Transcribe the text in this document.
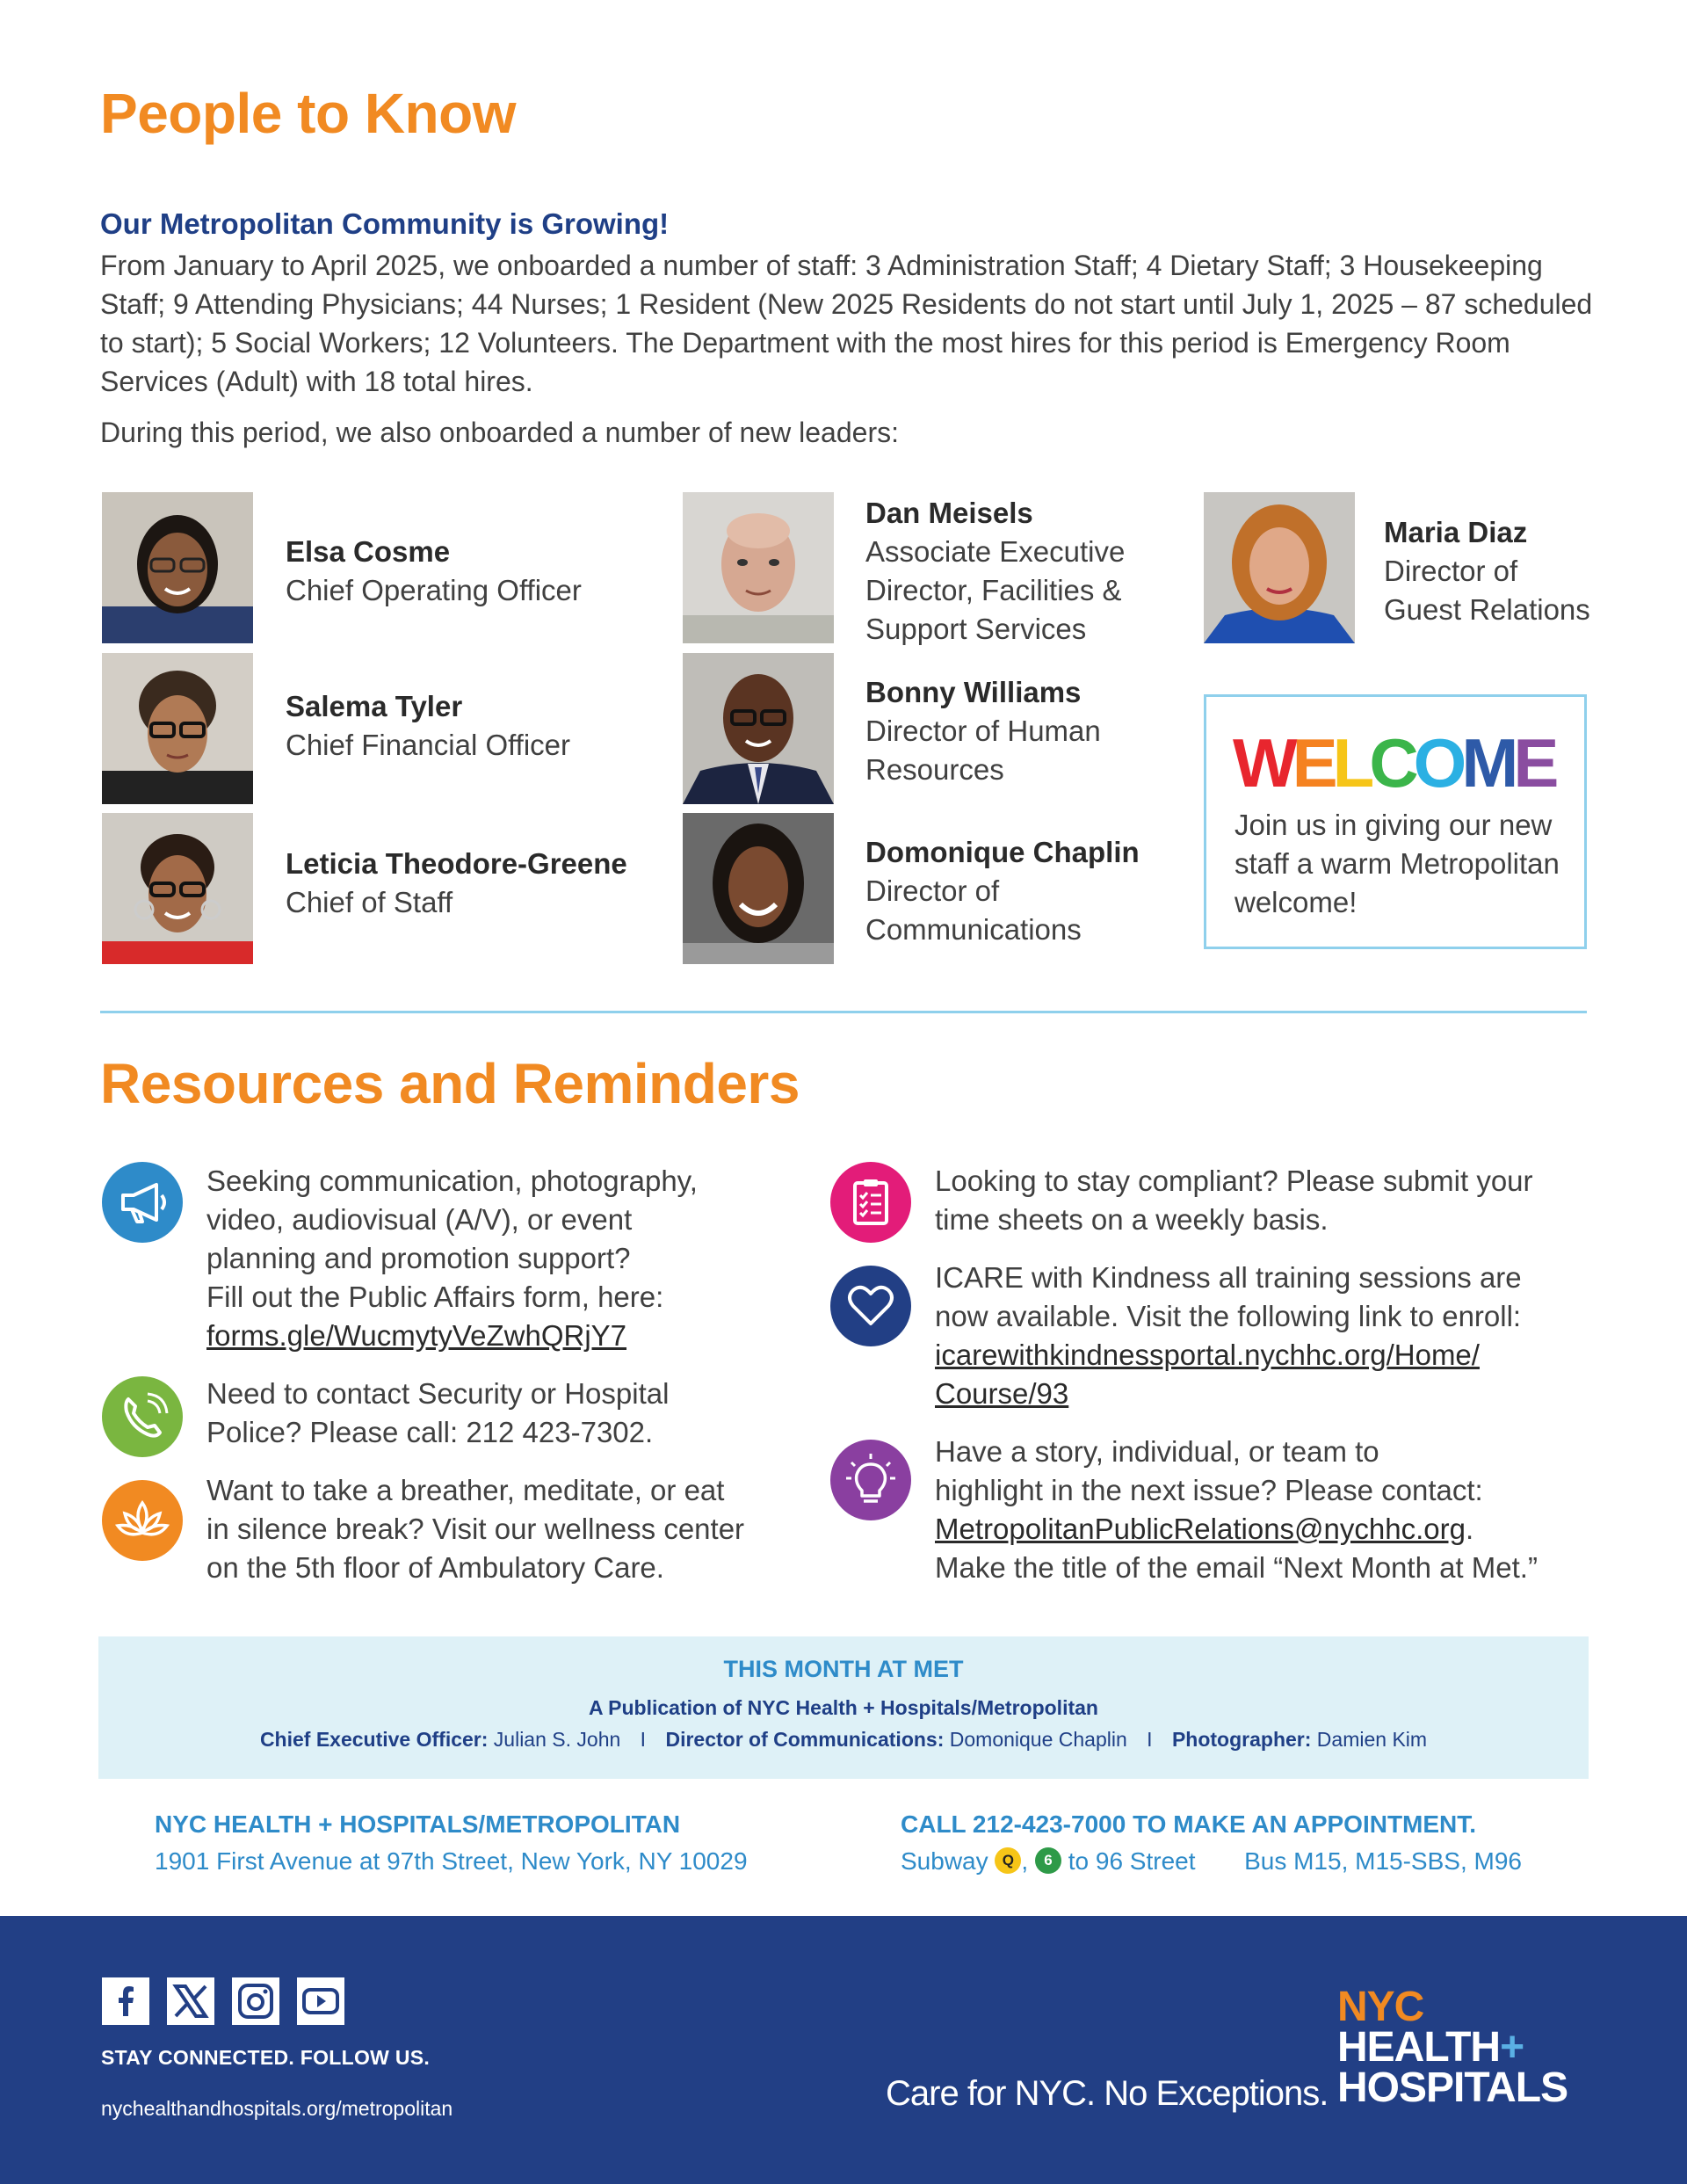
People to Know
Our Metropolitan Community is Growing!
From January to April 2025, we onboarded a number of staff: 3 Administration Staff; 4 Dietary Staff; 3 Housekeeping Staff; 9 Attending Physicians; 44 Nurses; 1 Resident (New 2025 Residents do not start until July 1, 2025 – 87 scheduled to start); 5 Social Workers; 12 Volunteers. The Department with the most hires for this period is Emergency Room Services (Adult) with 18 total hires.
During this period, we also onboarded a number of new leaders:
Elsa Cosme
Chief Operating Officer
Salema Tyler
Chief Financial Officer
Leticia Theodore-Greene
Chief of Staff
Dan Meisels
Associate Executive
Director, Facilities &
Support Services
Bonny Williams
Director of Human
Resources
Domonique Chaplin
Director of
Communications
Maria Diaz
Director of
Guest Relations
WELCOME
Join us in giving our new staff a warm Metropolitan welcome!
Resources and Reminders
Seeking communication, photography,
video, audiovisual (A/V), or event
planning and promotion support?
Fill out the Public Affairs form, here:
forms.gle/WucmytyVeZwhQRjY7
Need to contact Security or Hospital
Police? Please call: 212 423-7302.
Want to take a breather, meditate, or eat
in silence break? Visit our wellness center
on the 5th floor of Ambulatory Care.
Looking to stay compliant? Please submit your
time sheets on a weekly basis.
ICARE with Kindness all training sessions are
now available. Visit the following link to enroll:
icarewithkindnessportal.nychhc.org/Home/
Course/93
Have a story, individual, or team to
highlight in the next issue? Please contact:
MetropolitanPublicRelations@nychhc.org.
Make the title of the email “Next Month at Met.”
THIS MONTH AT MET
A Publication of NYC Health + Hospitals/Metropolitan
Chief Executive Officer: Julian S. John I Director of Communications: Domonique Chaplin I Photographer: Damien Kim
NYC HEALTH + HOSPITALS/METROPOLITAN
1901 First Avenue at 97th Street, New York, NY 10029
CALL 212-423-7000 TO MAKE AN APPOINTMENT.
Subway Q , 6 to 96 Street Bus M15, M15-SBS, M96
STAY CONNECTED. FOLLOW US.
nychealthandhospitals.org/metropolitan	Care for NYC. No Exceptions.
NYC
HEALTH+
HOSPITALS
